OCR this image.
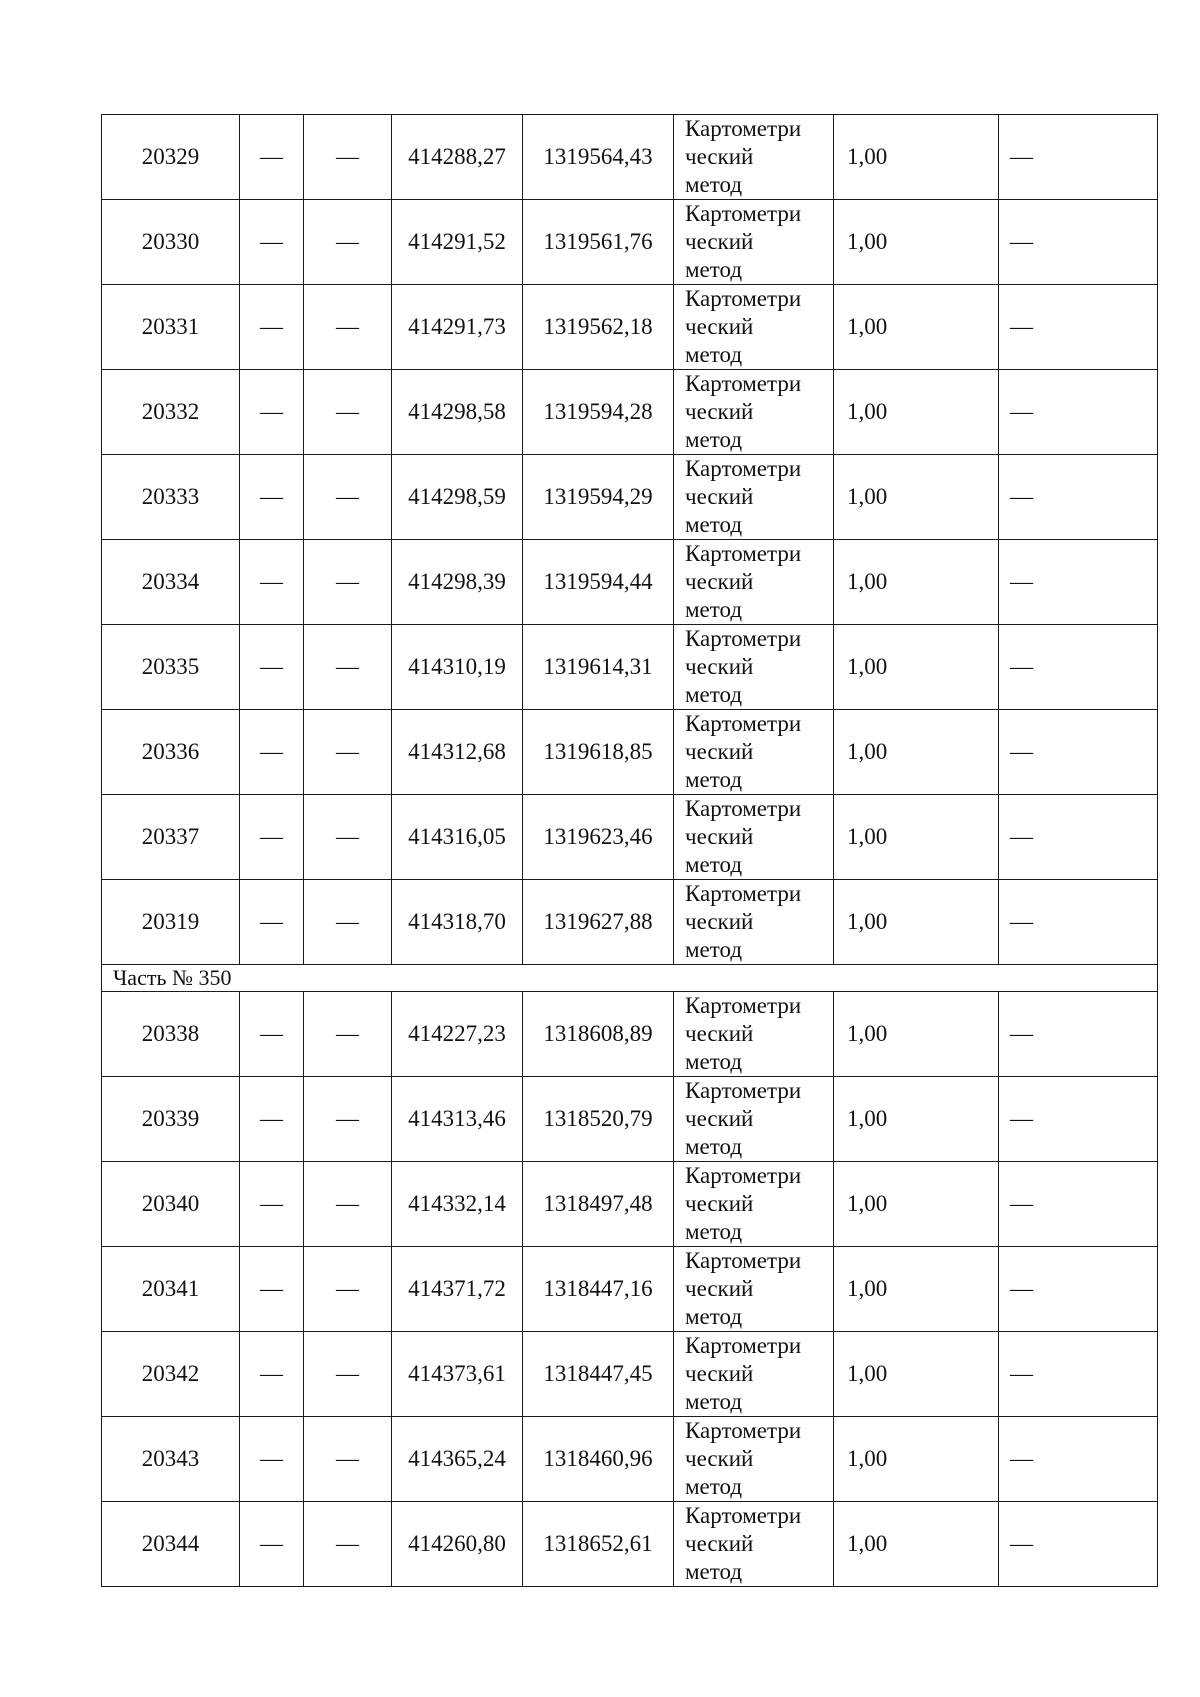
20329	—	—	414288,27	1319564,43	Картометри
ческий
метод	1,00	—
20330	—	—	414291,52	1319561,76	Картометри
ческий
метод	1,00	—
20331	—	—	414291,73	1319562,18	Картометри
ческий
метод	1,00	—
20332	—	—	414298,58	1319594,28	Картометри
ческий
метод	1,00	—
20333	—	—	414298,59	1319594,29	Картометри
ческий
метод	1,00	—
20334	—	—	414298,39	1319594,44	Картометри
ческий
метод	1,00	—
20335	—	—	414310,19	1319614,31	Картометри
ческий
метод	1,00	—
20336	—	—	414312,68	1319618,85	Картометри
ческий
метод	1,00	—
20337	—	—	414316,05	1319623,46	Картометри
ческий
метод	1,00	—
20319	—	—	414318,70	1319627,88	Картометри
ческий
метод	1,00	—
Часть № 350							
20338	—	—	414227,23	1318608,89	Картометри
ческий
метод	1,00	—
20339	—	—	414313,46	1318520,79	Картометри
ческий
метод	1,00	—
20340	—	—	414332,14	1318497,48	Картометри
ческий
метод	1,00	—
20341	—	—	414371,72	1318447,16	Картометри
ческий
метод	1,00	—
20342	—	—	414373,61	1318447,45	Картометри
ческий
метод	1,00	—
20343	—	—	414365,24	1318460,96	Картометри
ческий
метод	1,00	—
20344	—	—	414260,80	1318652,61	Картометри
ческий
метод	1,00	—
